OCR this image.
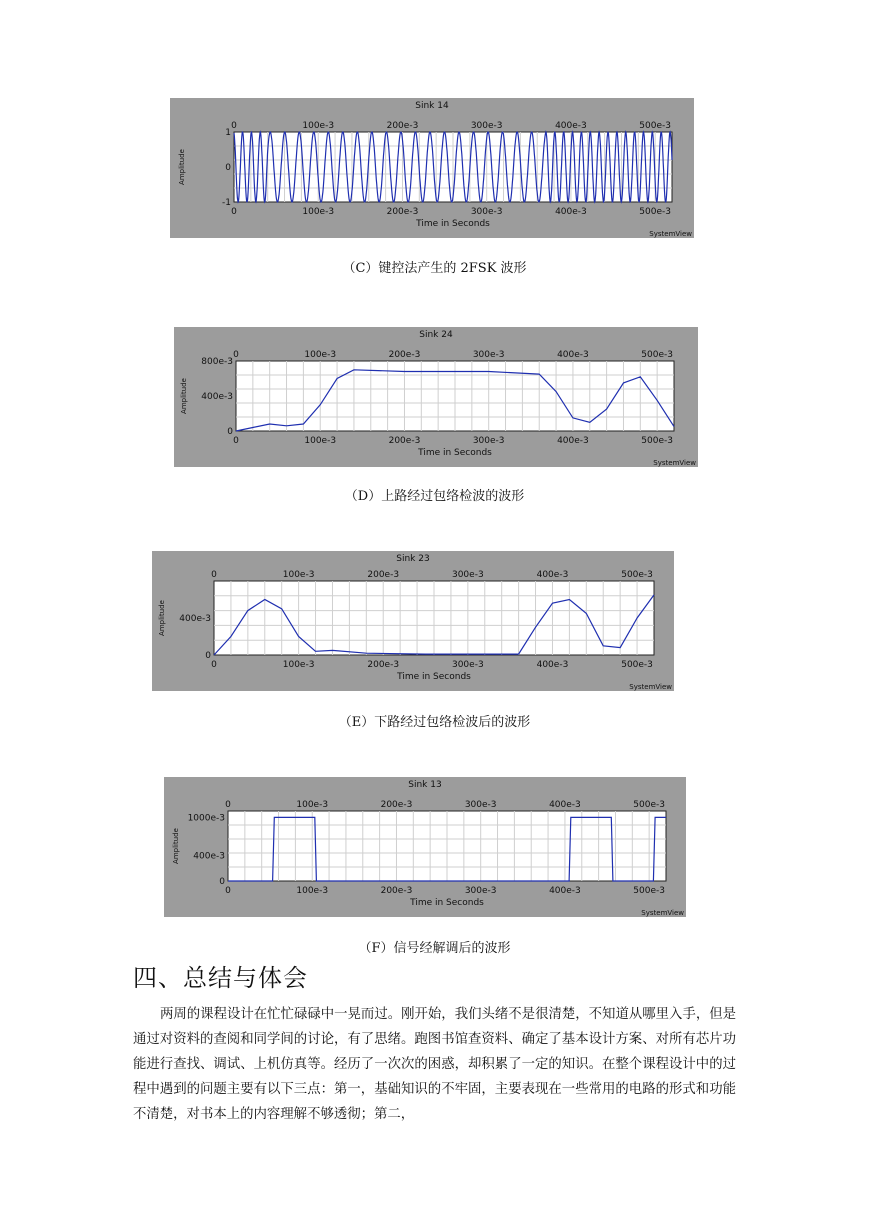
Sink 14
0
0
100e-3
100e-3
200e-3
200e-3
300e-3
300e-3
400e-3
400e-3
500e-3
500e-3
1
0
-1
Time in Seconds
Amplitude
SystemView
（C）键控法产生的 2FSK 波形
Sink 24
0
0
100e-3
100e-3
200e-3
200e-3
300e-3
300e-3
400e-3
400e-3
500e-3
500e-3
800e-3
400e-3
0
Time in Seconds
Amplitude
SystemView
（D）上路经过包络检波的波形
Sink 23
0
0
100e-3
100e-3
200e-3
200e-3
300e-3
300e-3
400e-3
400e-3
500e-3
500e-3
400e-3
0
Time in Seconds
Amplitude
SystemView
（E）下路经过包络检波后的波形
Sink 13
0
0
100e-3
100e-3
200e-3
200e-3
300e-3
300e-3
400e-3
400e-3
500e-3
500e-3
1000e-3
400e-3
0
Time in Seconds
Amplitude
SystemView
（F）信号经解调后的波形
四、总结与体会
两周的课程设计在忙忙碌碌中一晃而过。刚开始，我们头绪不是很清楚，不知道从哪里入手，但是通过对资料的查阅和同学间的讨论，有了思绪。跑图书馆查资料、确定了基本设计方案、对所有芯片功能进行查找、调试、上机仿真等。经历了一次次的困惑，却积累了一定的知识。在整个课程设计中的过程中遇到的问题主要有以下三点：第一，基础知识的不牢固，主要表现在一些常用的电路的形式和功能不清楚，对书本上的内容理解不够透彻；第二，
